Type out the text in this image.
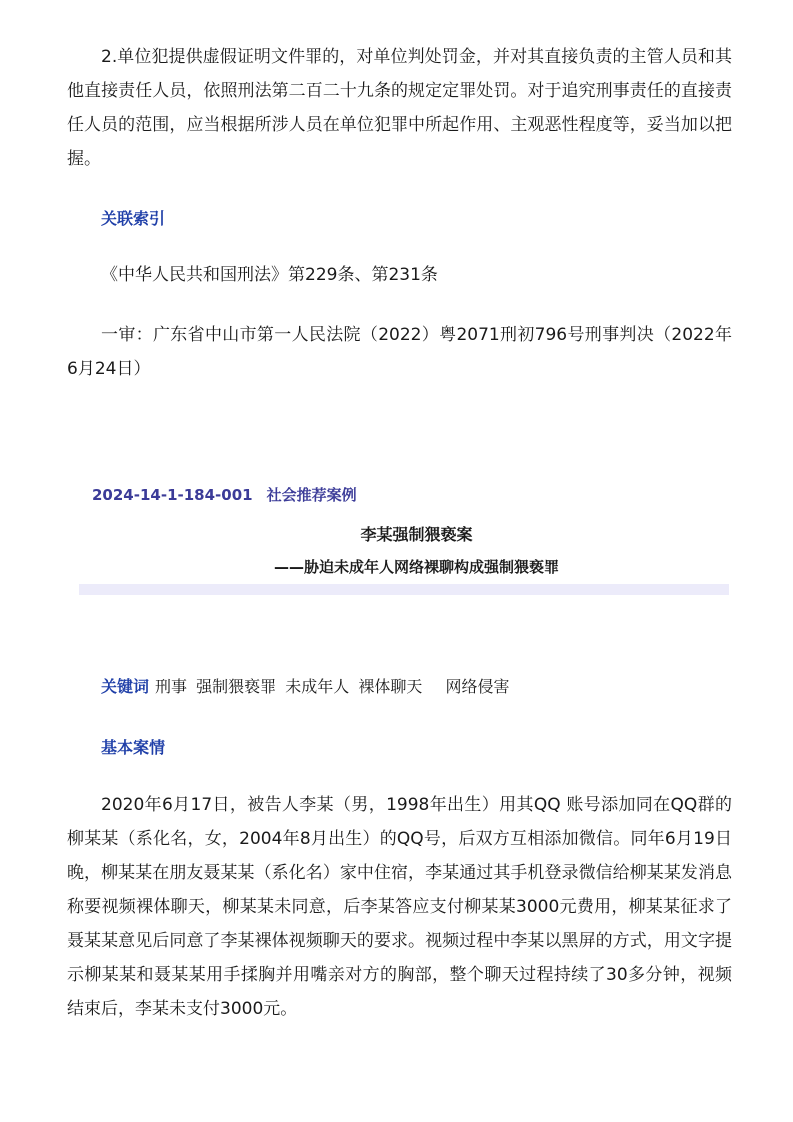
2.单位犯提供虚假证明文件罪的，对单位判处罚金，并对其直接负责的主管人员和其他直接责任人员，依照刑法第二百二十九条的规定定罪处罚。对于追究刑事责任的直接责任人员的范围，应当根据所涉人员在单位犯罪中所起作用、主观恶性程度等，妥当加以把握。

关联索引

《中华人民共和国刑法》第229条、第231条

一审：广东省中山市第一人民法院（2022）粤2071刑初796号刑事判决（2022年6月24日）

2024-14-1-184-001 社会推荐案例

李某强制猥亵案

——胁迫未成年人网络裸聊构成强制猥亵罪

关键词 刑事 强制猥亵罪 未成年人 裸体聊天 网络侵害

基本案情

2020年6月17日，被告人李某（男，1998年出生）用其QQ 账号添加同在QQ群的柳某某（系化名，女，2004年8月出生）的QQ号，后双方互相添加微信。同年6月19日晚，柳某某在朋友聂某某（系化名）家中住宿，李某通过其手机登录微信给柳某某发消息称要视频裸体聊天，柳某某未同意，后李某答应支付柳某某3000元费用，柳某某征求了聂某某意见后同意了李某裸体视频聊天的要求。视频过程中李某以黑屏的方式，用文字提示柳某某和聂某某用手揉胸并用嘴亲对方的胸部，整个聊天过程持续了30多分钟，视频结束后，李某未支付3000元。
